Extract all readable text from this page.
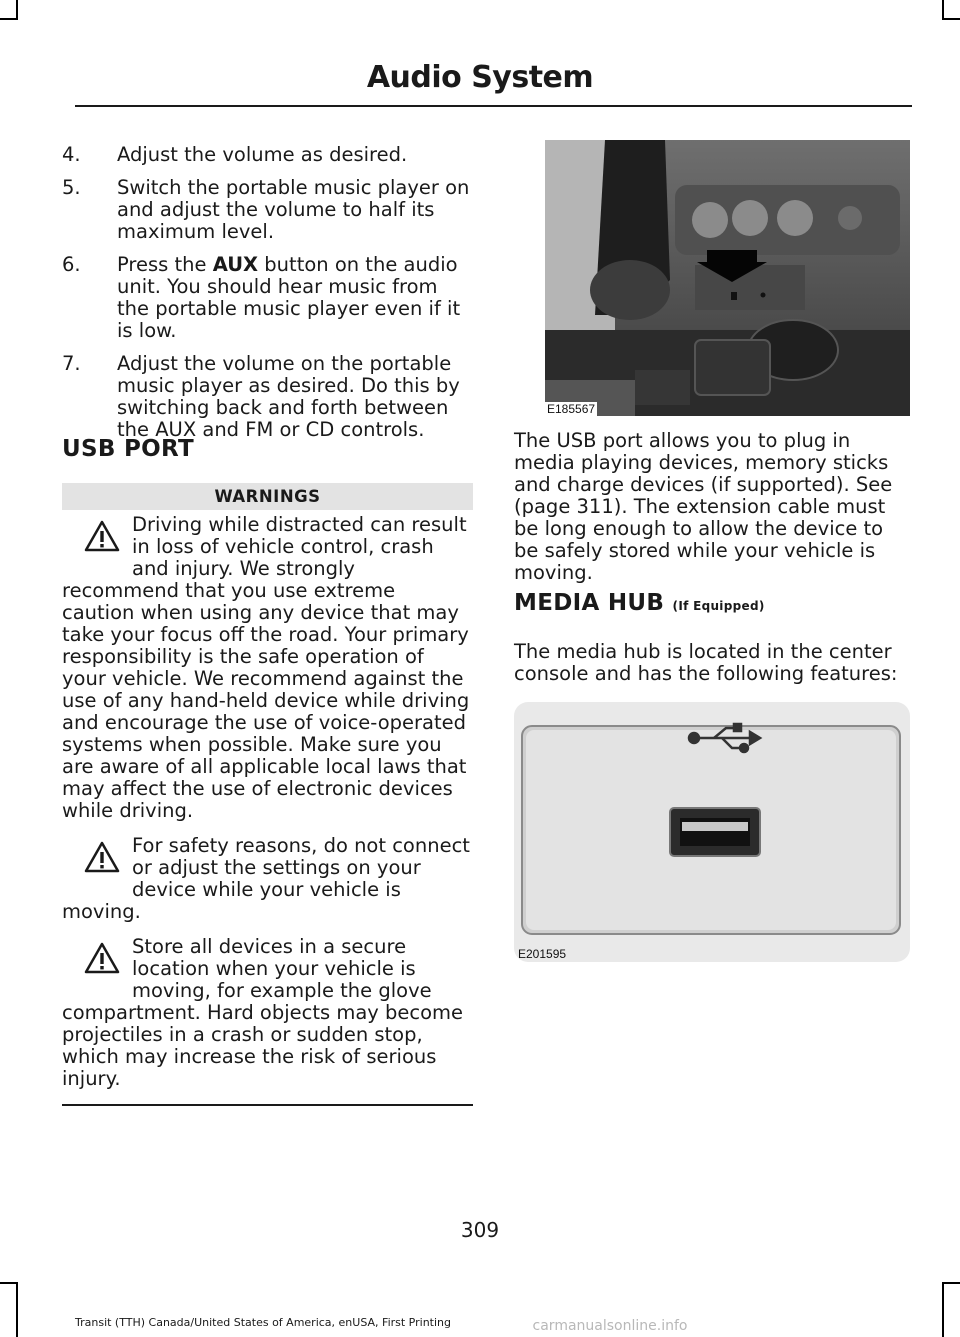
Audio System
4.	Adjust the volume as desired.
5.	Switch the portable music player on and adjust the volume to half its maximum level.
6.	Press the AUX button on the audio unit. You should hear music from the portable music player even if it is low.
7.	Adjust the volume on the portable music player as desired. Do this by switching back and forth between the AUX and FM or CD controls.
USB PORT
WARNINGS
Driving while distracted can result in loss of vehicle control, crash and injury. We strongly recommend that you use extreme caution when using any device that may take your focus off the road. Your primary responsibility is the safe operation of your vehicle. We recommend against the use of any hand-held device while driving and encourage the use of voice-operated systems when possible. Make sure you are aware of all applicable local laws that may affect the use of electronic devices while driving.
For safety reasons, do not connect or adjust the settings on your device while your vehicle is moving.
Store all devices in a secure location when your vehicle is moving, for example the glove compartment. Hard objects may become projectiles in a crash or sudden stop, which may increase the risk of serious injury.
E185567

The USB port allows you to plug in media playing devices, memory sticks and charge devices (if supported). See (page 311). The extension cable must be long enough to allow the device to be safely stored while your vehicle is moving.

MEDIA HUB (If Equipped)

The media hub is located in the center console and has the following features:

E201595
309
Transit (TTH) Canada/United States of America, enUSA, First Printing	carmanualsonline.info
